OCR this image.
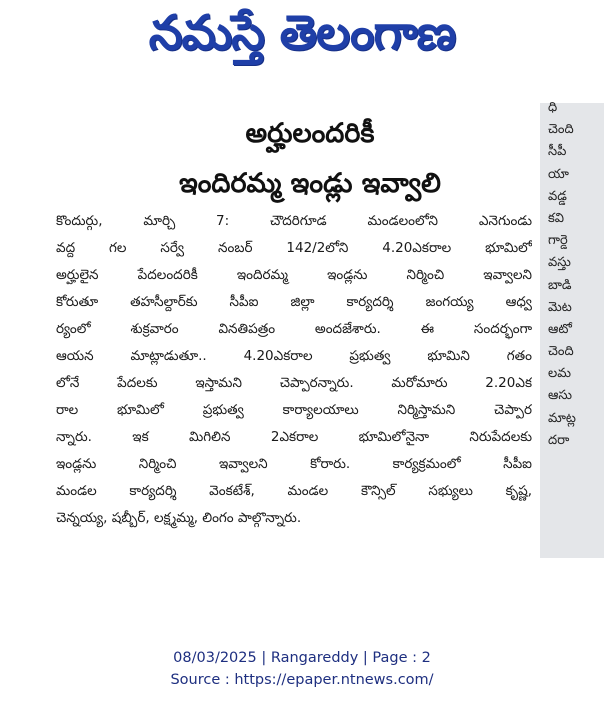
నమస్తే తెలంగాణ
ధి
చెంది
సీపీ
యా
వడ్డ
కవి
గార్డె
వస్తు
బాడి
మెట
ఆటో
చెంది
లమ
ఆసు
మాట్ల
దరా
అర్హులందరికీ
ఇందిరమ్మ ఇండ్లు ఇవ్వాలి
కొందుర్గు, మార్చి 7: చౌదరిగూడ మండలంలోని ఎనెగుండు
వద్ద గల సర్వే నంబర్ 142/2లోని 4.20ఎకరాల భూమిలో
అర్హులైన పేదలందరికీ ఇందిరమ్మ ఇండ్లను నిర్మించి ఇవ్వాలని
కోరుతూ తహసీల్దార్‌కు సీపీఐ జిల్లా కార్యదర్శి జంగయ్య ఆధ్వ
ర్యంలో శుక్రవారం వినతిపత్రం అందజేశారు. ఈ సందర్భంగా
ఆయన మాట్లాడుతూ.. 4.20ఎకరాల ప్రభుత్వ భూమిని గతం
లోనే పేదలకు ఇస్తామని చెప్పారన్నారు. మరోమారు 2.20ఎక
రాల భూమిలో ప్రభుత్వ కార్యాలయాలు నిర్మిస్తామని చెప్పార
న్నారు. ఇక మిగిలిన 2ఎకరాల భూమిలోనైనా నిరుపేదలకు
ఇండ్లను నిర్మించి ఇవ్వాలని కోరారు. కార్యక్రమంలో సీపీఐ
మండల కార్యదర్శి వెంకటేశ్, మండల కౌన్సిల్ సభ్యులు కృష్ణ,
చెన్నయ్య, షబ్బీర్, లక్ష్మమ్మ, లింగం పాల్గొన్నారు.
08/03/2025 | Rangareddy | Page : 2
Source : https://epaper.ntnews.com/
